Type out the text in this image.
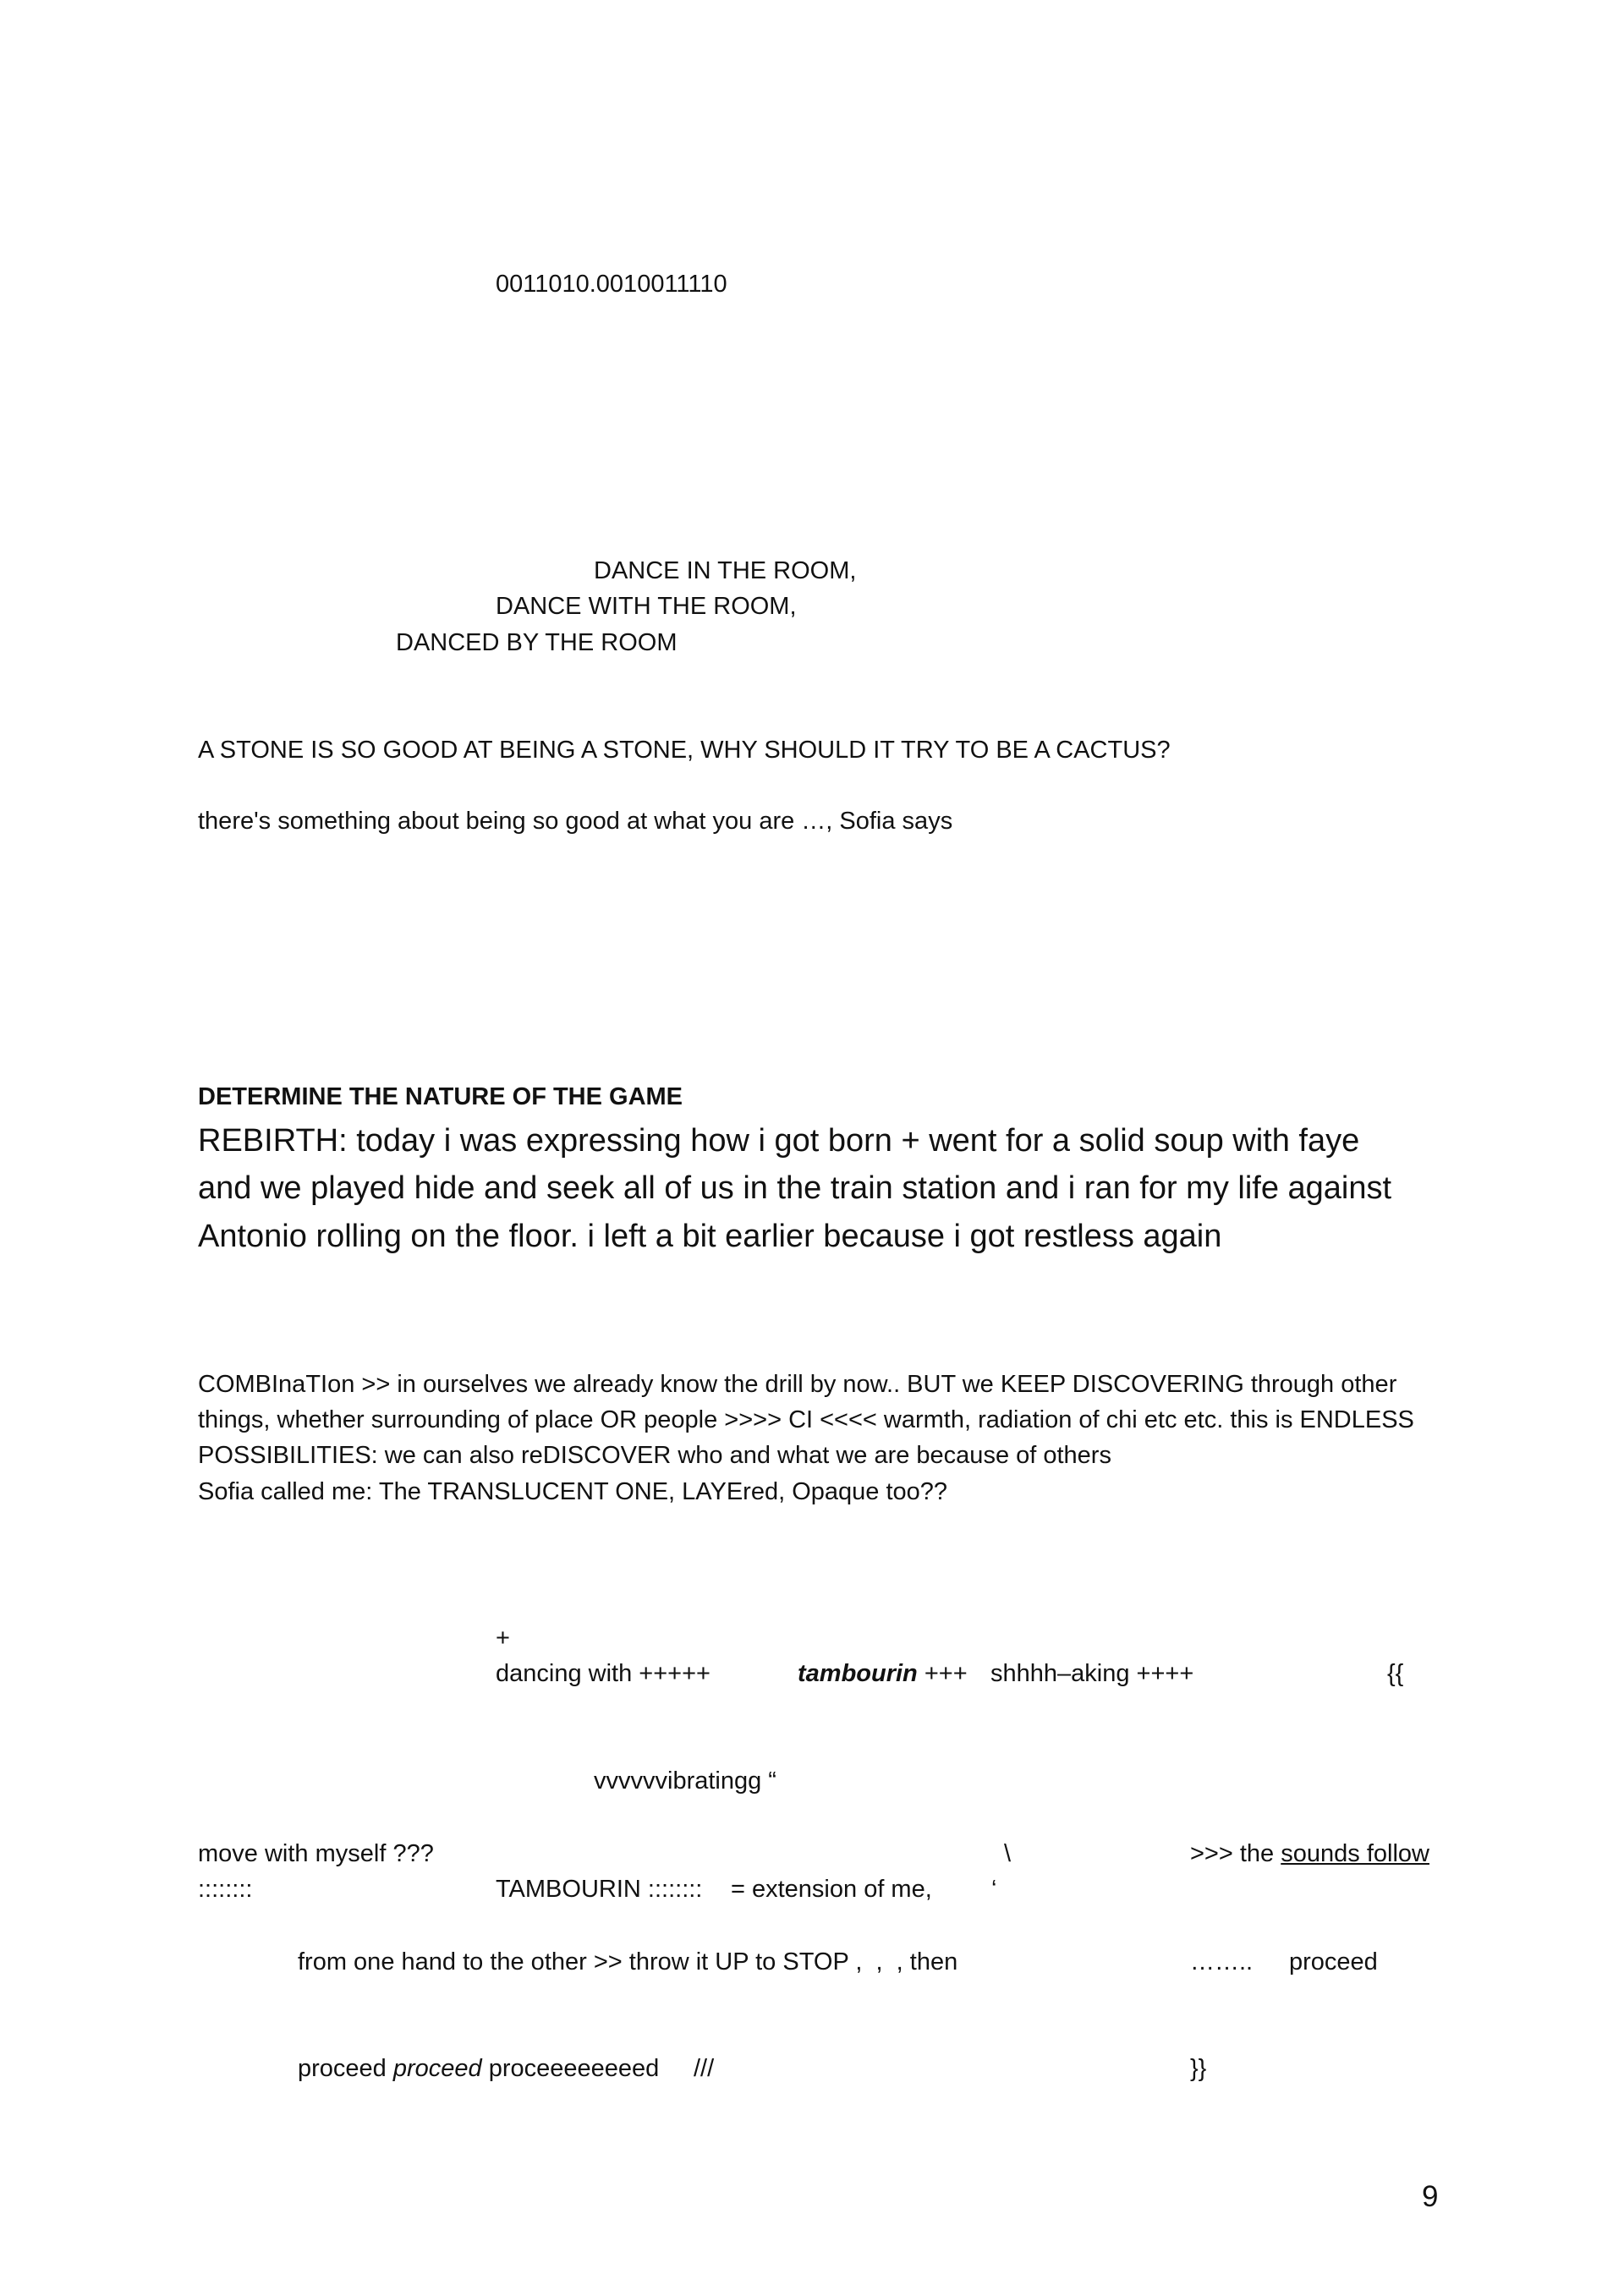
0011010.0010011110
DANCE IN THE ROOM,
DANCE WITH THE ROOM,
DANCED BY THE ROOM
A STONE IS SO GOOD AT BEING A STONE, WHY SHOULD IT TRY TO BE A CACTUS?
there's something about being so good at what you are …, Sofia says
DETERMINE THE NATURE OF THE GAME
REBIRTH: today i was expressing how i got born + went for a solid soup with faye
and we played hide and seek all of us in the train station and i ran for my life against
Antonio rolling on the floor. i left a bit earlier because i got restless again
COMBInaTIon >> in ourselves we already know the drill by now.. BUT we KEEP DISCOVERING through other
things, whether surrounding of place OR people >>>> CI <<<< warmth, radiation of chi etc etc. this is ENDLESS
POSSIBILITIES: we can also reDISCOVER who and what we are because of others
Sofia called me: The TRANSLUCENT ONE, LAYEred, Opaque too??
+
dancing with +++++	tambourin +++ shhhh–aking ++++	{{
vvvvvvibratingg “
move with myself ???	\	>>> the sounds follow
::::::::	TAMBOURIN :::::::: = extension of me, ‘
from one hand to the other >> throw it UP to STOP ,  ,  , then	…….. proceed
proceed proceed proceeeeeeeed ///	}}
9
